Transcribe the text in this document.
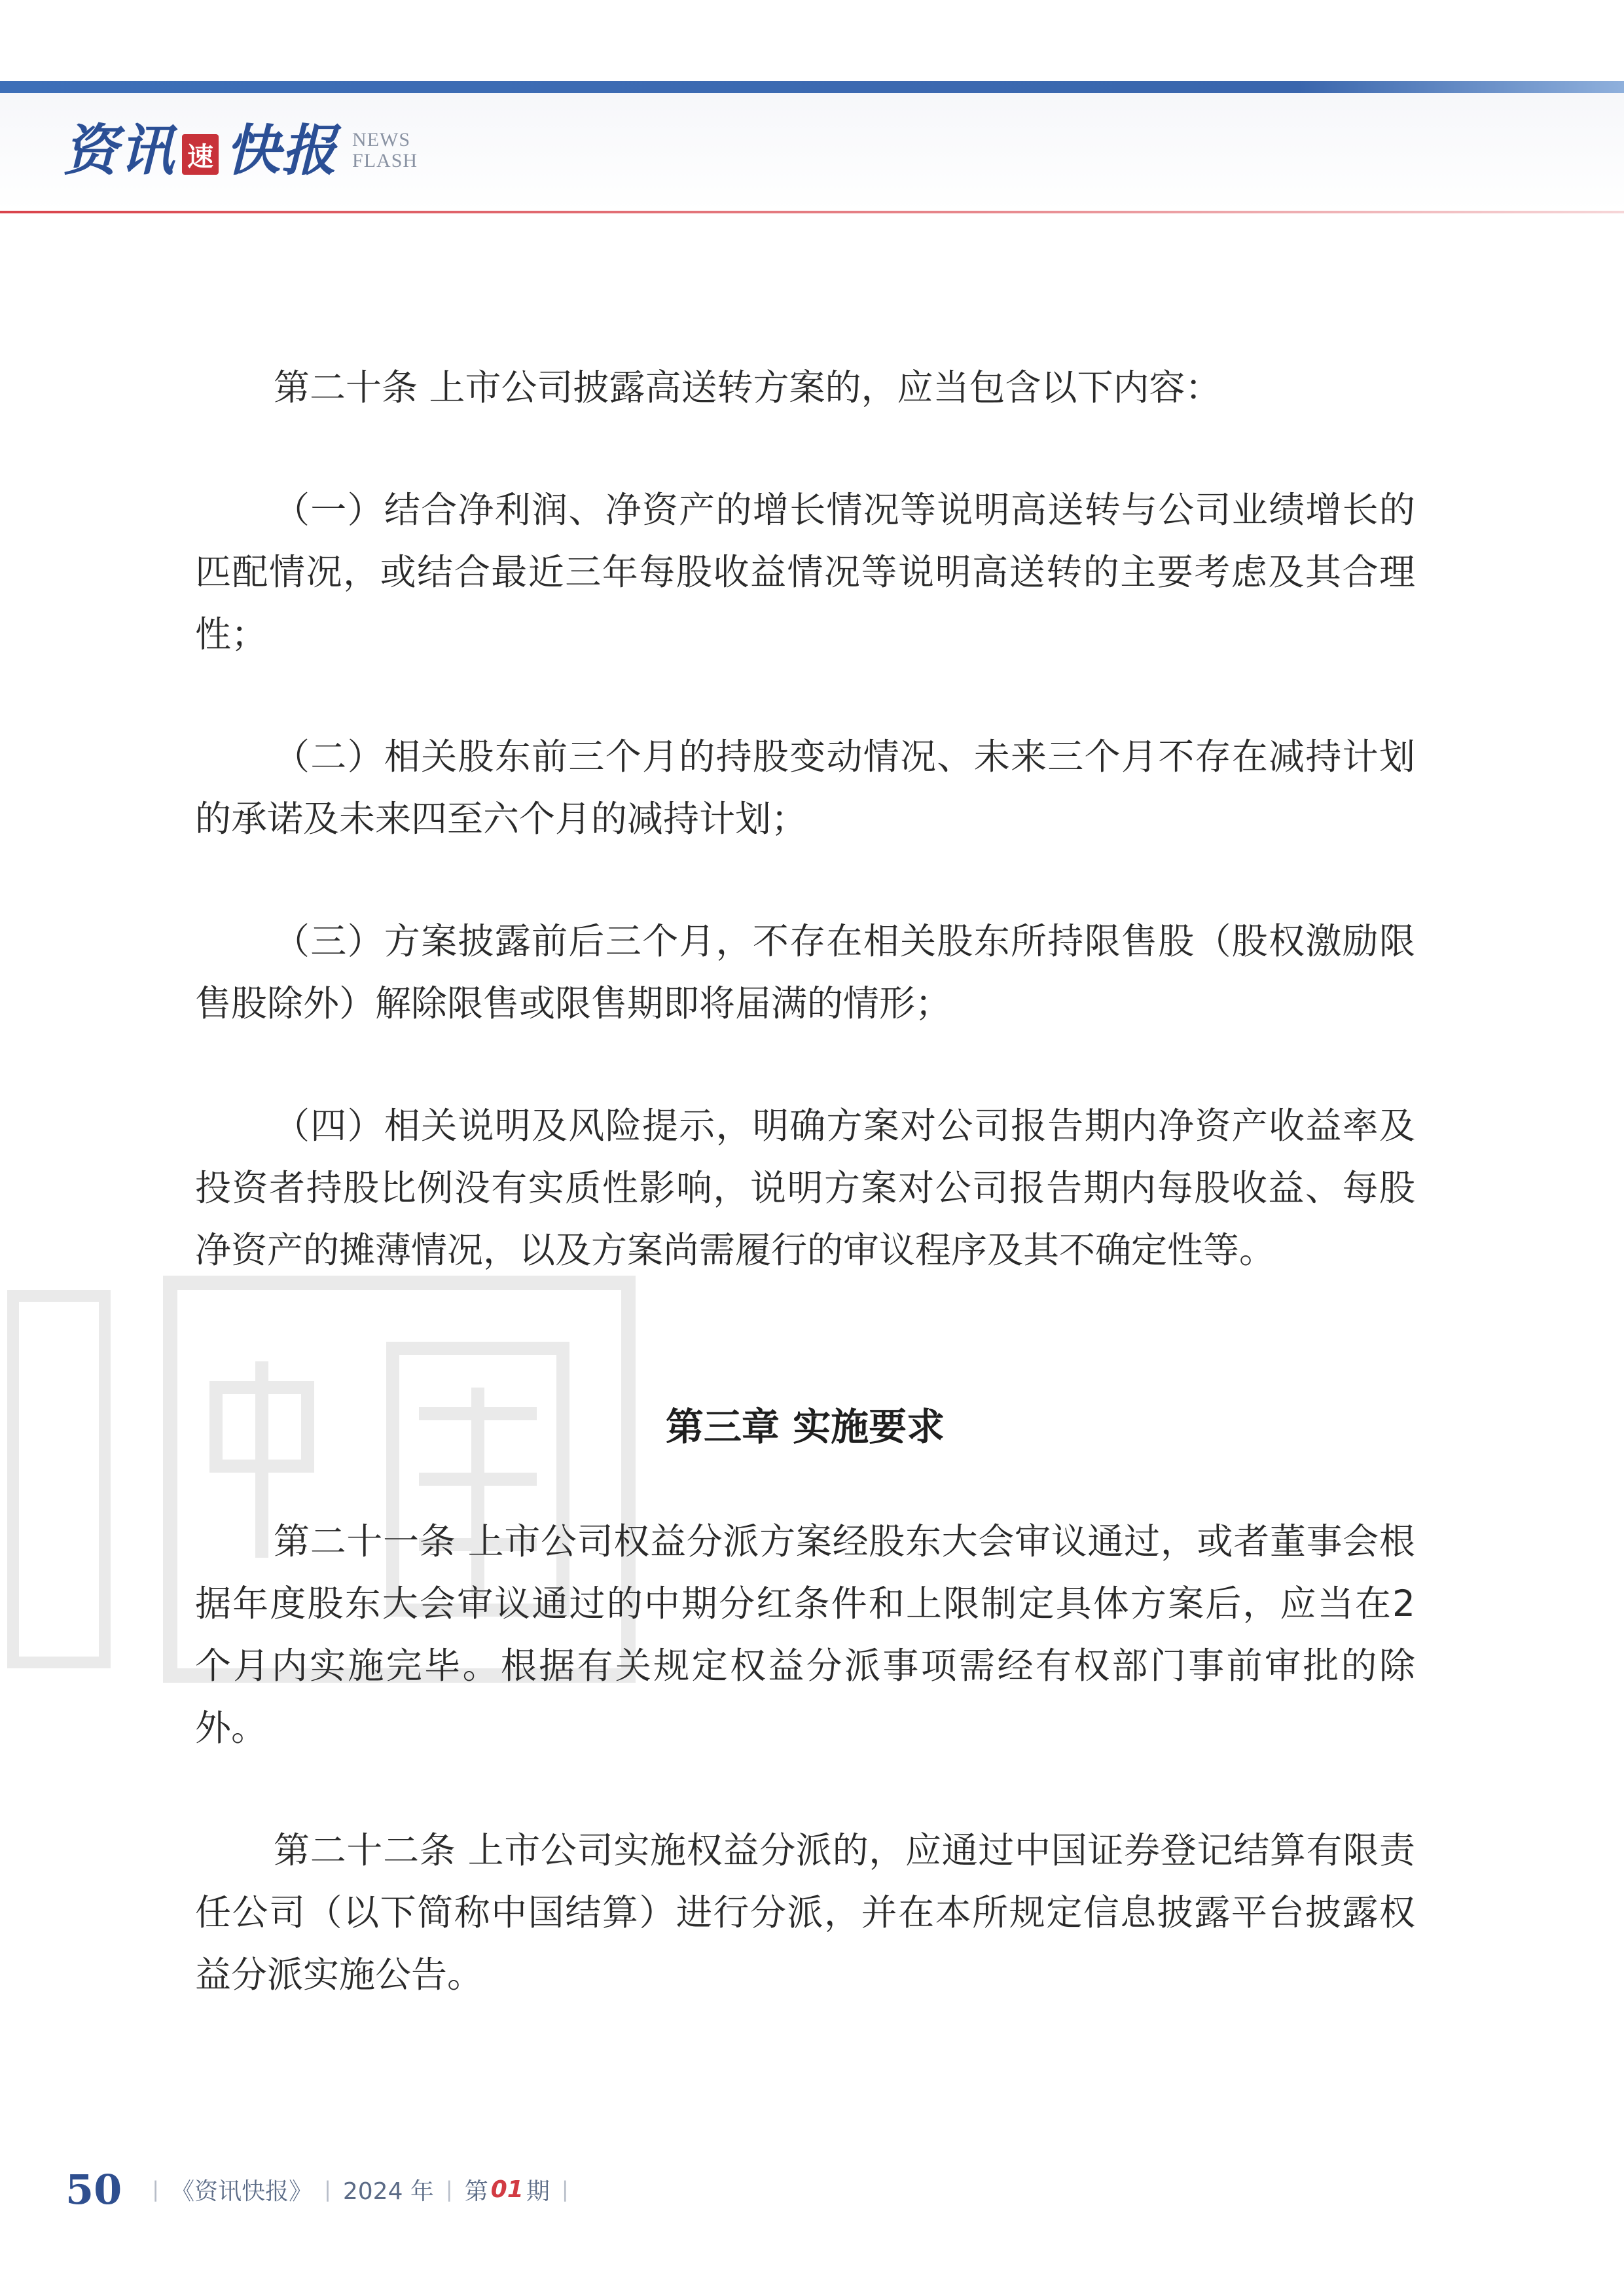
资讯 速 快报 NEWS
FLASH

第二十条 上市公司披露高送转方案的，应当包含以下内容：

（一）结合净利润、净资产的增长情况等说明高送转与公司业绩增长的匹配情况，或结合最近三年每股收益情况等说明高送转的主要考虑及其合理性；

（二）相关股东前三个月的持股变动情况、未来三个月不存在减持计划的承诺及未来四至六个月的减持计划；

（三）方案披露前后三个月，不存在相关股东所持限售股（股权激励限售股除外）解除限售或限售期即将届满的情形；

（四）相关说明及风险提示，明确方案对公司报告期内净资产收益率及投资者持股比例没有实质性影响，说明方案对公司报告期内每股收益、每股净资产的摊薄情况，以及方案尚需履行的审议程序及其不确定性等。

第三章 实施要求

第二十一条 上市公司权益分派方案经股东大会审议通过，或者董事会根据年度股东大会审议通过的中期分红条件和上限制定具体方案后，应当在2 个月内实施完毕。根据有关规定权益分派事项需经有权部门事前审批的除外。

第二十二条 上市公司实施权益分派的，应通过中国证券登记结算有限责任公司（以下简称中国结算）进行分派，并在本所规定信息披露平台披露权益分派实施公告。

50 | 《资讯快报》 | 2024 年 | 第 01 期 |
